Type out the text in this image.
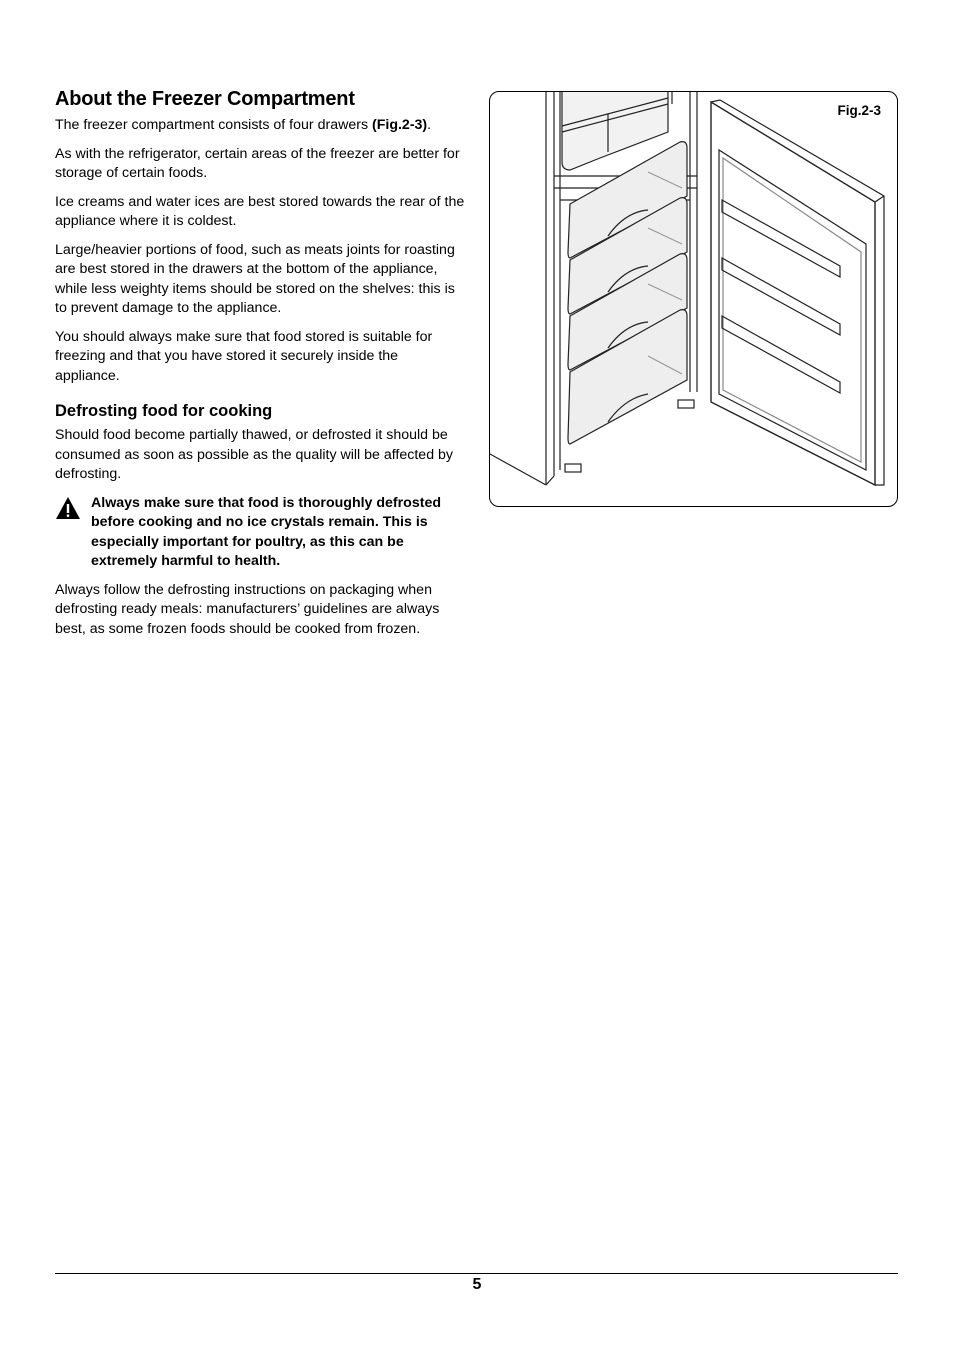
About the Freezer Compartment

The freezer compartment consists of four drawers (Fig.2-3).

As with the refrigerator, certain areas of the freezer are better for storage of certain foods.

Ice creams and water ices are best stored towards the rear of the appliance where it is coldest.

Large/heavier portions of food, such as meats joints for roasting are best stored in the drawers at the bottom of the appliance, while less weighty items should be stored on the shelves: this is to prevent damage to the appliance.

You should always make sure that food stored is suitable for freezing and that you have stored it securely inside the appliance.

Defrosting food for cooking

Should food become partially thawed, or defrosted it should be consumed as soon as possible as the quality will be affected by defrosting.

Always make sure that food is thoroughly defrosted before cooking and no ice crystals remain. This is especially important for poultry, as this can be extremely harmful to health.

Always follow the defrosting instructions on packaging when defrosting ready meals: manufacturers’ guidelines are always best, as some frozen foods should be cooked from frozen.

Fig.2-3
5
